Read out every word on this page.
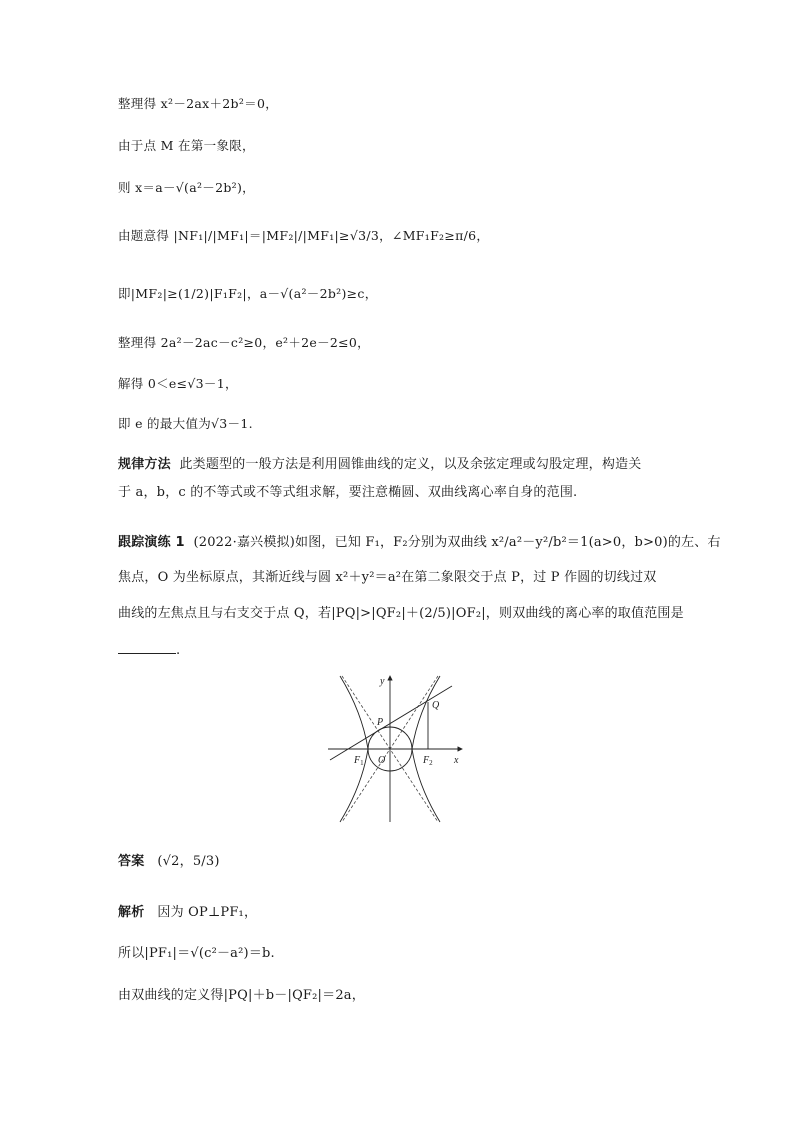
整理得 x²－2ax＋2b²＝0，
由于点 M 在第一象限，
则 x＝a－√(a²－2b²)，
由题意得 |NF₁|/|MF₁|＝|MF₂|/|MF₁|≥√3/3，∠MF₁F₂≥π/6，
即|MF₂|≥(1/2)|F₁F₂|，a－√(a²－2b²)≥c，
整理得 2a²－2ac－c²≥0，e²＋2e－2≤0，
解得 0＜e≤√3－1，
即 e 的最大值为√3－1.
规律方法 此类题型的一般方法是利用圆锥曲线的定义，以及余弦定理或勾股定理，构造关
于 a，b，c 的不等式或不等式组求解，要注意椭圆、双曲线离心率自身的范围.
跟踪演练 1 (2022·嘉兴模拟)如图，已知 F₁，F₂分别为双曲线 x²/a²－y²/b²＝1(a>0，b>0)的左、右
焦点，O 为坐标原点，其渐近线与圆 x²＋y²＝a²在第二象限交于点 P，过 P 作圆的切线过双
曲线的左焦点且与右支交于点 Q，若|PQ|>|QF₂|＋(2/5)|OF₂|，则双曲线的离心率的取值范围是
.
y
x
P
Q
$F_1$ O	$F_2$
答案 (√2，5/3)
解析 因为 OP⊥PF₁，
所以|PF₁|＝√(c²－a²)＝b.
由双曲线的定义得|PQ|＋b－|QF₂|＝2a，
